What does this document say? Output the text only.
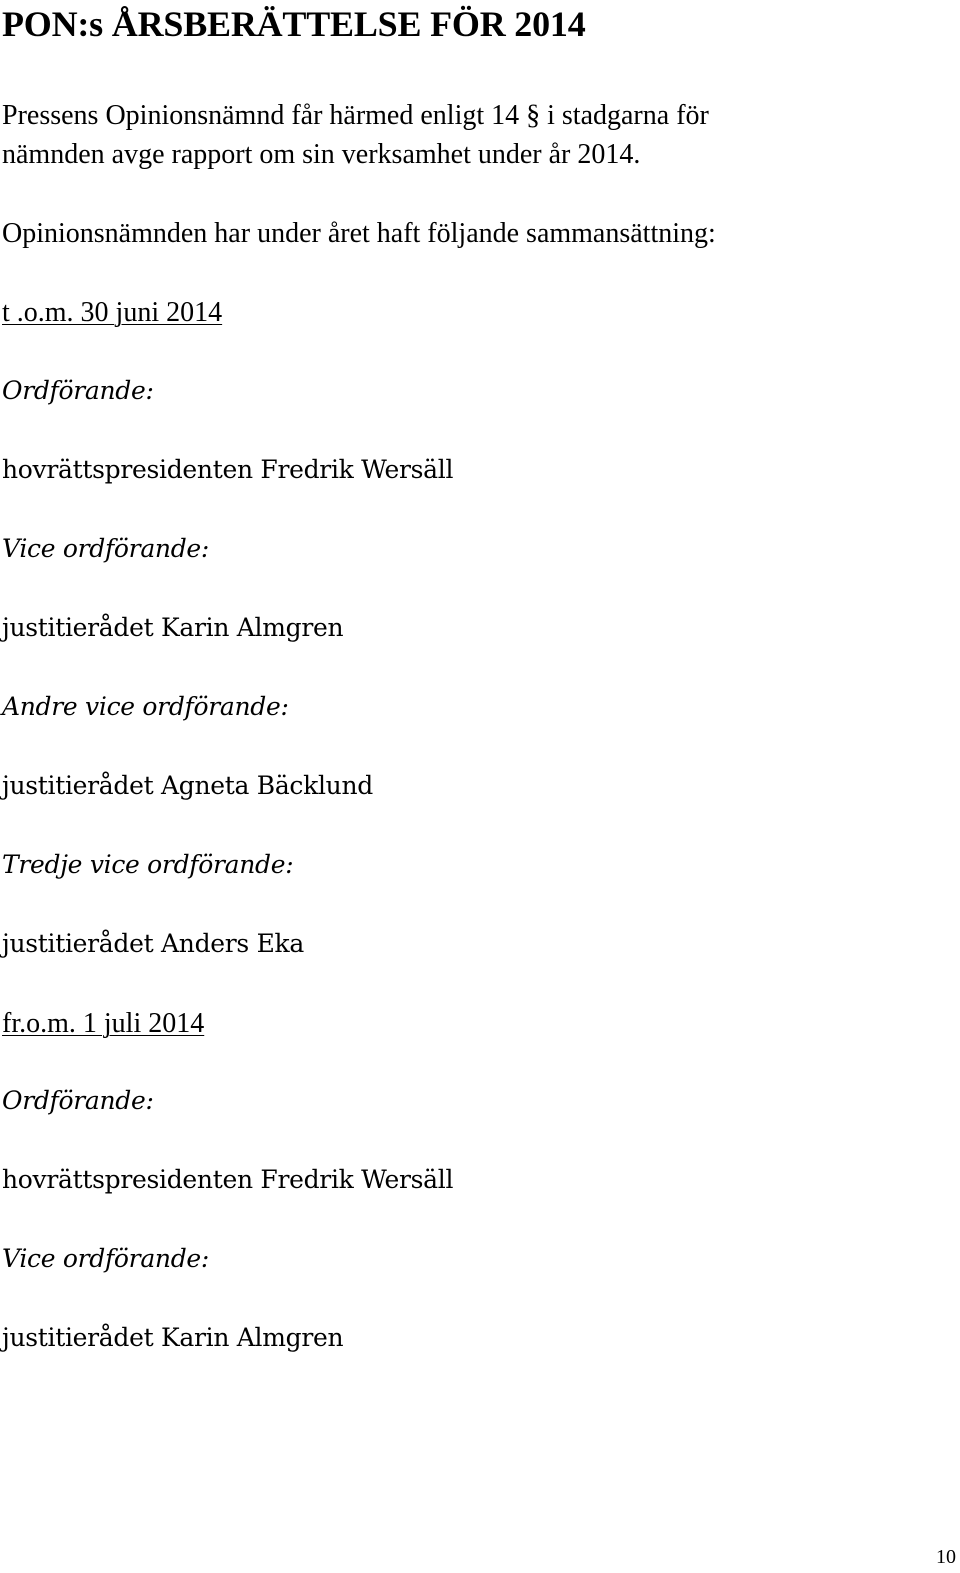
PON:s ÅRSBERÄTTELSE FÖR 2014

Pressens Opinionsnämnd får härmed enligt 14 § i stadgarna för

nämnden avge rapport om sin verksamhet under år 2014.

Opinionsnämnden har under året haft följande sammansättning:

t .o.m. 30 juni 2014

Ordförande:

hovrättspresidenten Fredrik Wersäll

Vice ordförande:

justitierådet Karin Almgren

Andre vice ordförande:

justitierådet Agneta Bäcklund

Tredje vice ordförande:

justitierådet Anders Eka

fr.o.m. 1 juli 2014

Ordförande:

hovrättspresidenten Fredrik Wersäll

Vice ordförande:

justitierådet Karin Almgren

10
